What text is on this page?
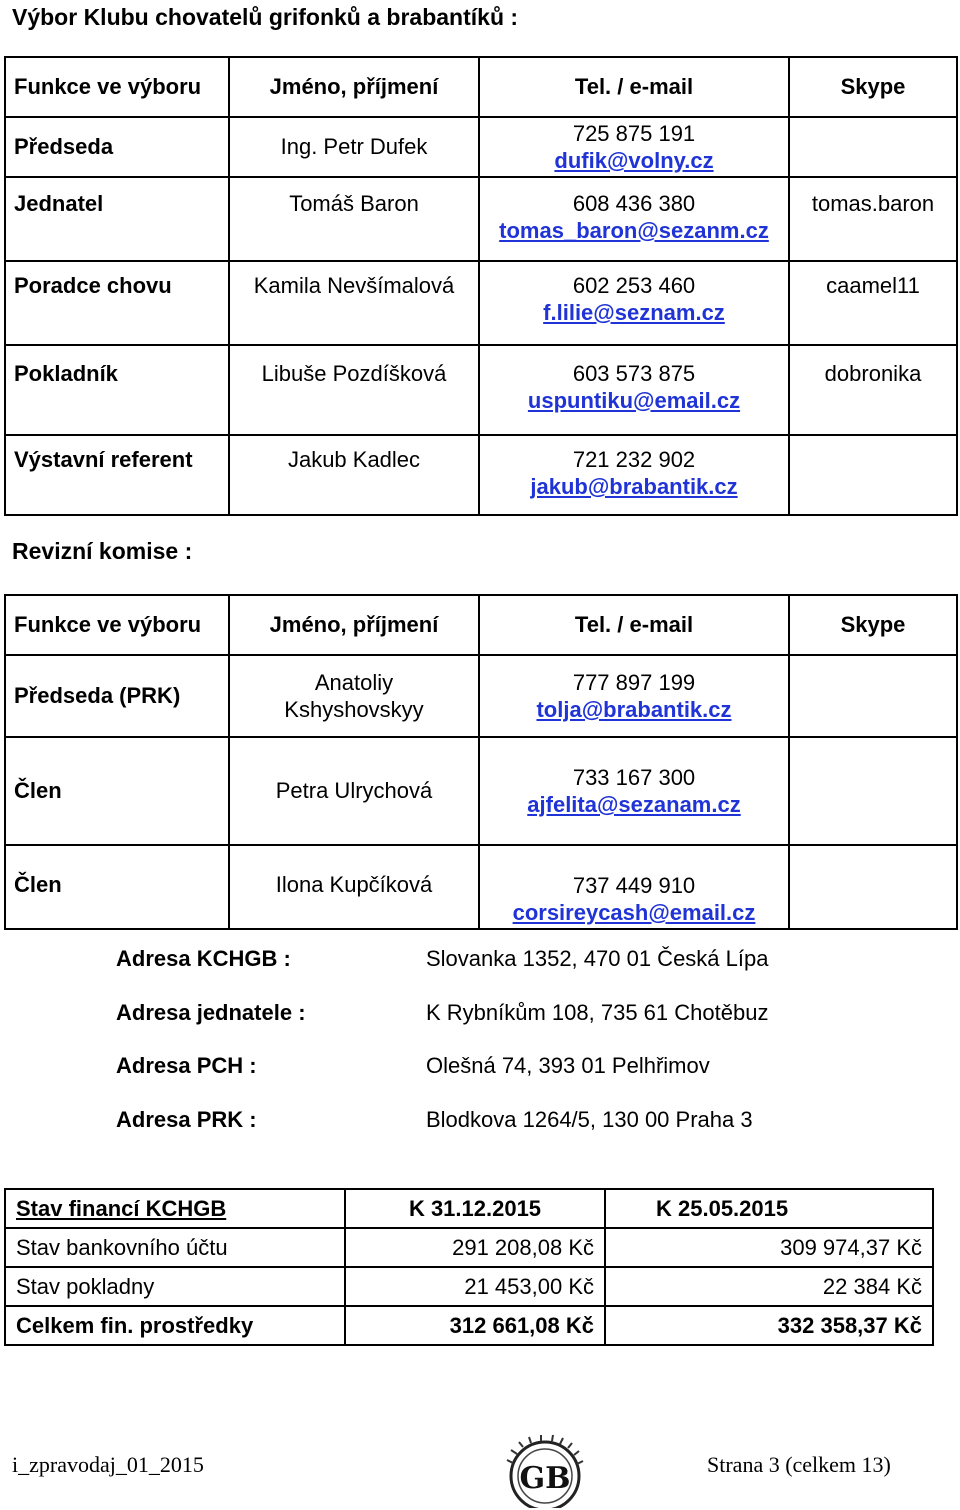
Výbor Klubu chovatelů grifonků a brabantíků :
Funkce ve výboru	Jméno, příjmení	Tel. / e-mail	Skype
Předseda	Ing. Petr Dufek	725 875 191
dufik@volny.cz	

Jednatel	Tomáš Baron	608 436 380
tomas_baron@sezanm.cz	tomas.baron

Poradce chovu	Kamila Nevšímalová	602 253 460
f.lilie@seznam.cz	caamel11

Pokladník	Libuše Pozdíšková	603 573 875
uspuntiku@email.cz	dobronika

Výstavní referent	Jakub Kadlec	721 232 902
jakub@brabantik.cz	

Revizní komise :
Funkce ve výboru	Jméno, příjmení	Tel. / e-mail	Skype
Předseda (PRK)	Anatoliy Kshyshovskyy	777 897 199
tolja@brabantik.cz	

Člen	Petra Ulrychová	733 167 300
ajfelita@sezanam.cz	

Člen	Ilona Kupčíková	737 449 910
corsireycash@email.cz	

Adresa KCHGB :	Slovanka 1352, 470 01 Česká Lípa
Adresa jednatele :	K Rybníkům 108, 735 61 Chotěbuz
Adresa PCH :	Olešná 74, 393 01 Pelhřimov
Adresa PRK :	Blodkova 1264/5, 130 00 Praha 3
Stav financí KCHGB	K 31.12.2015	K 25.05.2015
Stav bankovního účtu	291 208,08 Kč	309 974,37 Kč
Stav pokladny	21 453,00 Kč	22 384 Kč
Celkem fin. prostředky	312 661,08 Kč	332 358,37 Kč
i_zpravodaj_01_2015	Strana 3 (celkem 13)
GB
